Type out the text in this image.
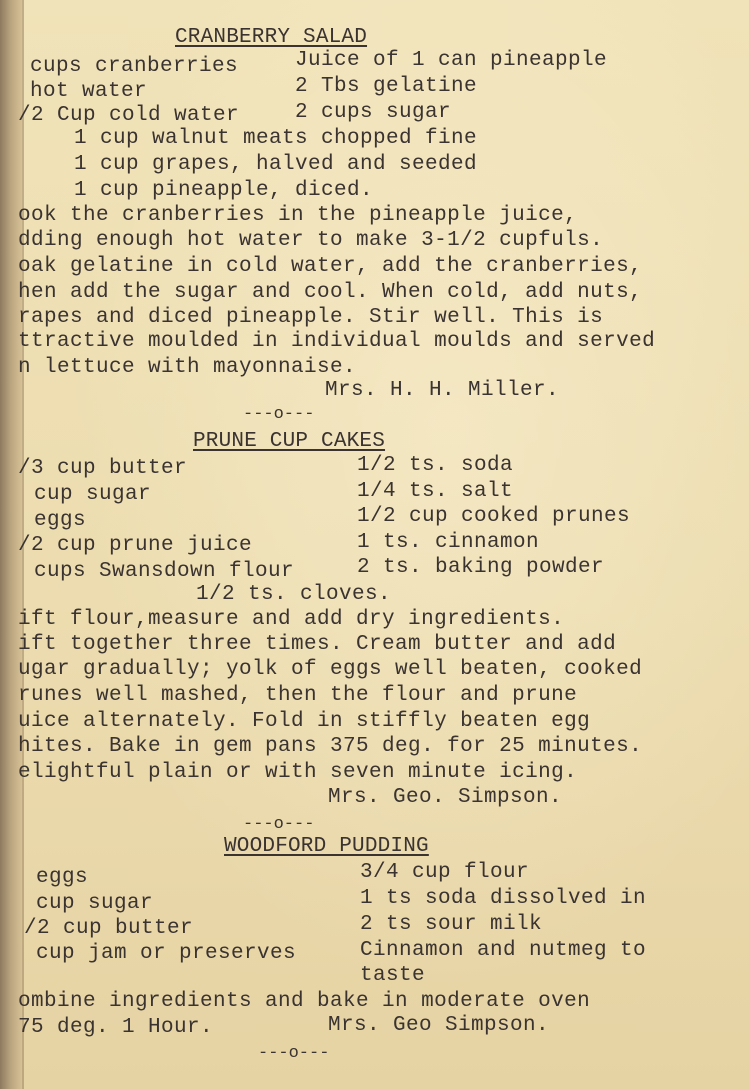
CRANBERRY SALAD
cups cranberries	Juice of 1 can pineapple
hot water	2 Tbs gelatine
/2 Cup cold water	2 cups sugar
1 cup walnut meats chopped fine
1 cup grapes, halved and seeded
1 cup pineapple, diced.
ook the cranberries in the pineapple juice,
dding enough hot water to make 3-1/2 cupfuls.
oak gelatine in cold water, add the cranberries,
hen add the sugar and cool. When cold, add nuts,
rapes and diced pineapple. Stir well. This is
ttractive moulded in individual moulds and served
n lettuce with mayonnaise.
Mrs. H. H. Miller.
---o---
PRUNE CUP CAKES
/3 cup butter	1/2 ts. soda
cup sugar	1/4 ts. salt
eggs	1/2 cup cooked prunes
/2 cup prune juice	1 ts. cinnamon
cups Swansdown flour	2 ts. baking powder
1/2 ts. cloves.
ift flour,measure and add dry ingredients.
ift together three times. Cream butter and add
ugar gradually; yolk of eggs well beaten, cooked
runes well mashed, then the flour and prune
uice alternately. Fold in stiffly beaten egg
hites. Bake in gem pans 375 deg. for 25 minutes.
elightful plain or with seven minute icing.
Mrs. Geo. Simpson.
---o---
WOODFORD PUDDING
eggs	3/4 cup flour
cup sugar	1 ts soda dissolved in
/2 cup butter	2 ts sour milk
cup jam or preserves	Cinnamon and nutmeg to
taste
ombine ingredients and bake in moderate oven
75 deg. 1 Hour.	Mrs. Geo Simpson.
---o---
